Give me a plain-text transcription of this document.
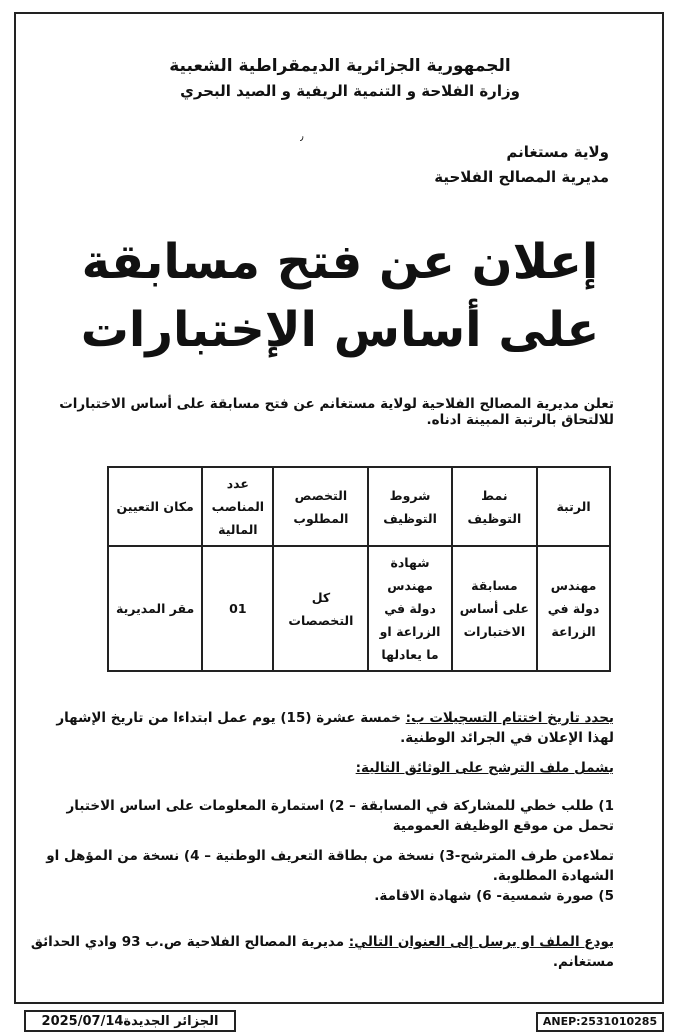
الجمهورية الجزائرية الديمقراطية الشعبية
وزارة الفلاحة و التنمية الريفية و الصيد البحري
٫
ولاية مستغانم
مديرية المصالح الفلاحية
إعلان عن فتح مسابقة
على أساس الإختبارات
تعلن مديرية المصالح الفلاحية لولاية مستغانم عن فتح مسابقة على أساس الاختبارات للالتحاق بالرتبة المبينة ادناه.
الرتبة	نمط التوظيف	شروط التوظيف	التخصص المطلوب	عدد المناصب المالية	مكان التعيين
مهندس دولة في الزراعة	مسابقة على أساس الاختبارات	شهادة مهندس دولة في الزراعة او ما يعادلها	كل التخصصات	01	مقر المديرية
يحدد تاريخ اختتام التسجيلات ب: خمسة عشرة (15) يوم عمل ابتداءا من تاريخ الإشهار لهذا الإعلان في الجرائد الوطنية.
يشمل ملف الترشح على الوثائق التالية:
1) طلب خطي للمشاركة في المسابقة – 2) استمارة المعلومات على اساس الاختبار تحمل من موقع الوظيفة العمومية
تملاءمن طرف المترشح-3) نسخة من بطاقة التعريف الوطنية – 4) نسخة من المؤهل او الشهادة المطلوبة.
5) صورة شمسية- 6) شهادة الاقامة.
يودع الملف او يرسل إلى العنوان التالي: مديرية المصالح الفلاحية ص.ب 93 وادي الحدائق مستغانم.
الجزائر الجديدة2025/07/14	ANEP:2531010285
